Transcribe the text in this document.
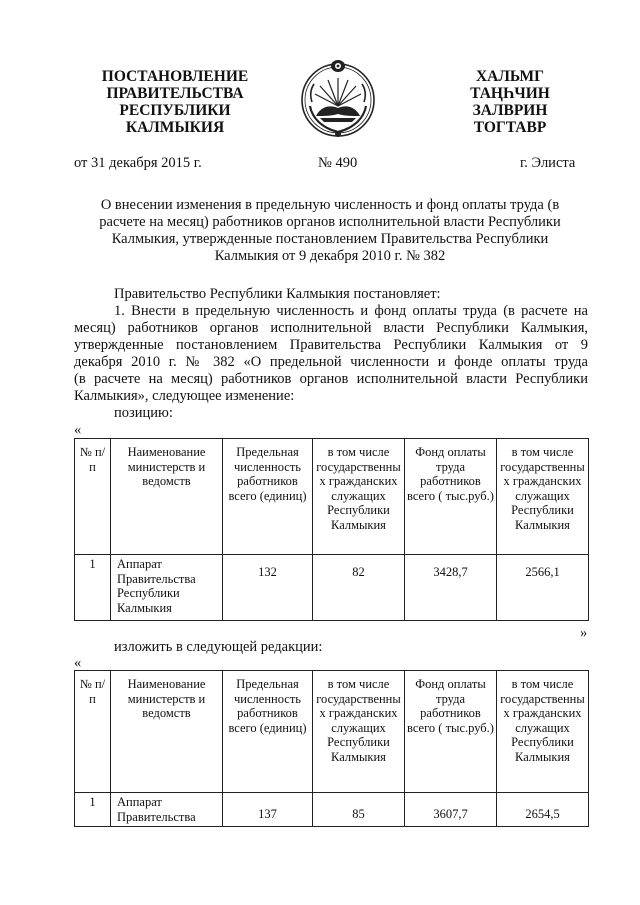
ПОСТАНОВЛЕНИЕ
ПРАВИТЕЛЬСТВА
РЕСПУБЛИКИ
КАЛМЫКИЯ
ХАЛЬМГ
ТАҢҺЧИН
ЗАЛВРИН
ТОГТАВР
от 31 декабря 2015 г.	№ 490	г. Элиста
О внесении изменения в предельную численность и фонд оплаты труда (в
расчете на месяц) работников органов исполнительной власти Республики
Калмыкия, утвержденные постановлением Правительства Республики
Калмыкия от 9 декабря 2010 г. № 382
Правительство Республики Калмыкия постановляет:
1. Внести в предельную численность и фонд оплаты труда (в расчете на
месяц) работников органов исполнительной власти Республики Калмыкия,
утвержденные постановлением Правительства Республики Калмыкия от 9
декабря 2010 г. № 382 «О предельной численности и фонде оплаты труда
(в расчете на месяц) работников органов исполнительной власти Республики
Калмыкия», следующее изменение:
позицию:
«
№ п/п	Наименование министерств и ведомств	Предельная численность работников всего (единиц)	в том числе государственных гражданских служащих Республики Калмыкия	Фонд оплаты труда работников всего ( тыс.руб.)	в том числе государственных гражданских служащих Республики Калмыкия
1	Аппарат Правительства Республики Калмыкия	132	82	3428,7	2566,1
»
изложить в следующей редакции:
«
№ п/п	Наименование министерств и ведомств	Предельная численность работников всего (единиц)	в том числе государственных гражданских служащих Республики Калмыкия	Фонд оплаты труда работников всего ( тыс.руб.)	в том числе государственных гражданских служащих Республики Калмыкия
1	Аппарат Правительства	137	85	3607,7	2654,5
